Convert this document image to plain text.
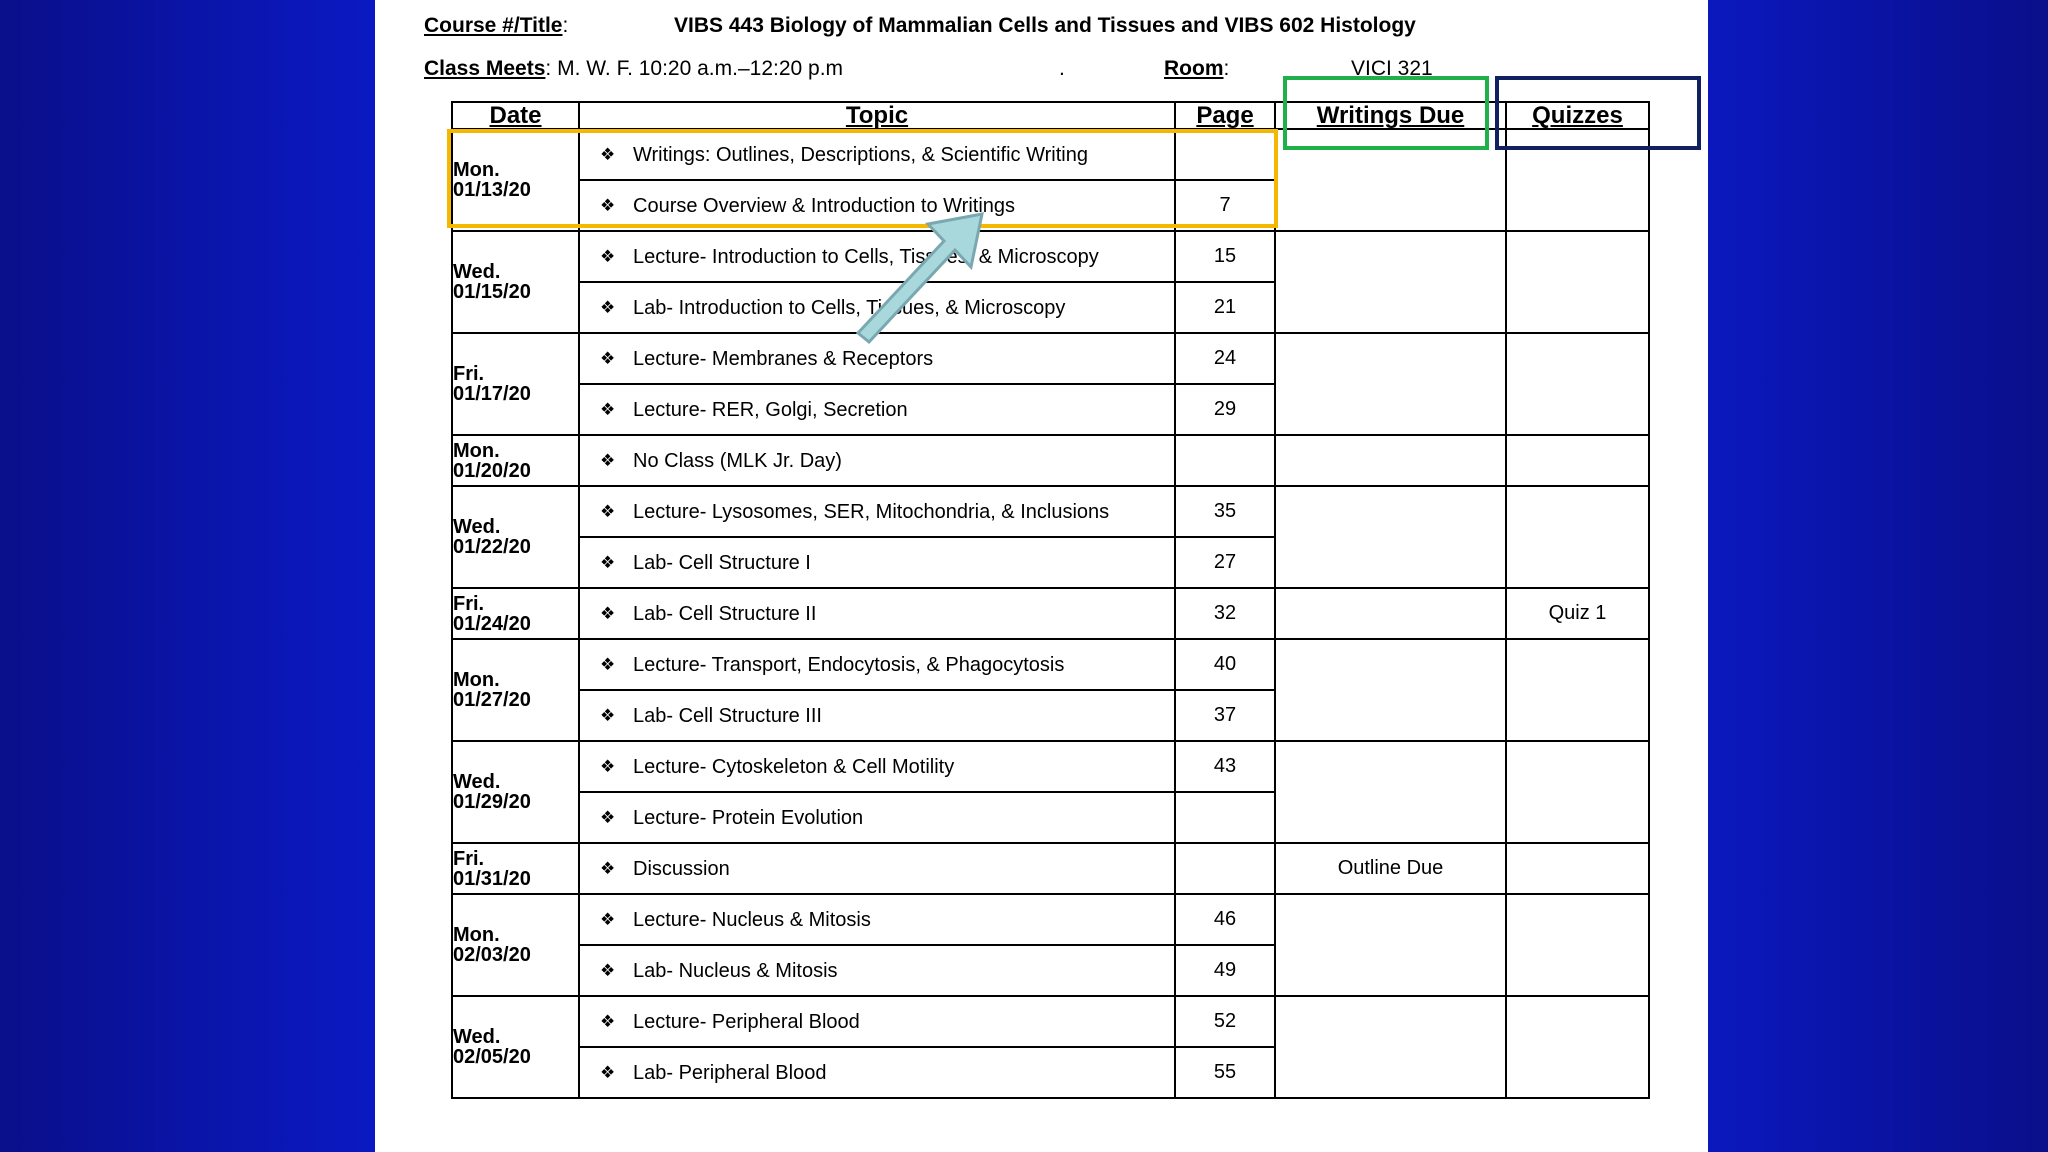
Course #/Title:	VIBS 443 Biology of Mammalian Cells and Tissues and VIBS 602 Histology
Class Meets: M. W. F. 10:20 a.m.–12:20 p.m	.	Room:	VICI 321
Date	Topic	Page	Writings Due	Quizzes

Mon.
01/13/20	❖ Writings: Outlines, Descriptions, & Scientific Writing			

	❖ Course Overview & Introduction to Writings	7		

Wed.
01/15/20	❖ Lecture- Introduction to Cells, Tissues, & Microscopy	15		

	❖ Lab- Introduction to Cells, Tissues, & Microscopy	21		

Fri.
01/17/20	❖ Lecture- Membranes & Receptors	24		

	❖ Lecture- RER, Golgi, Secretion	29		

Mon.
01/20/20	❖ No Class (MLK Jr. Day)			

Wed.
01/22/20	❖ Lecture- Lysosomes, SER, Mitochondria, & Inclusions	35		

	❖ Lab- Cell Structure I	27		

Fri.
01/24/20	❖ Lab- Cell Structure II	32		Quiz 1

Mon.
01/27/20	❖ Lecture- Transport, Endocytosis, & Phagocytosis	40		

	❖ Lab- Cell Structure III	37		

Wed.
01/29/20	❖ Lecture- Cytoskeleton & Cell Motility	43		

	❖ Lecture- Protein Evolution			

Fri.
01/31/20	❖ Discussion		Outline Due	

Mon.
02/03/20	❖ Lecture- Nucleus & Mitosis	46		

	❖ Lab- Nucleus & Mitosis	49		

Wed.
02/05/20	❖ Lecture- Peripheral Blood	52		

	❖ Lab- Peripheral Blood	55		
